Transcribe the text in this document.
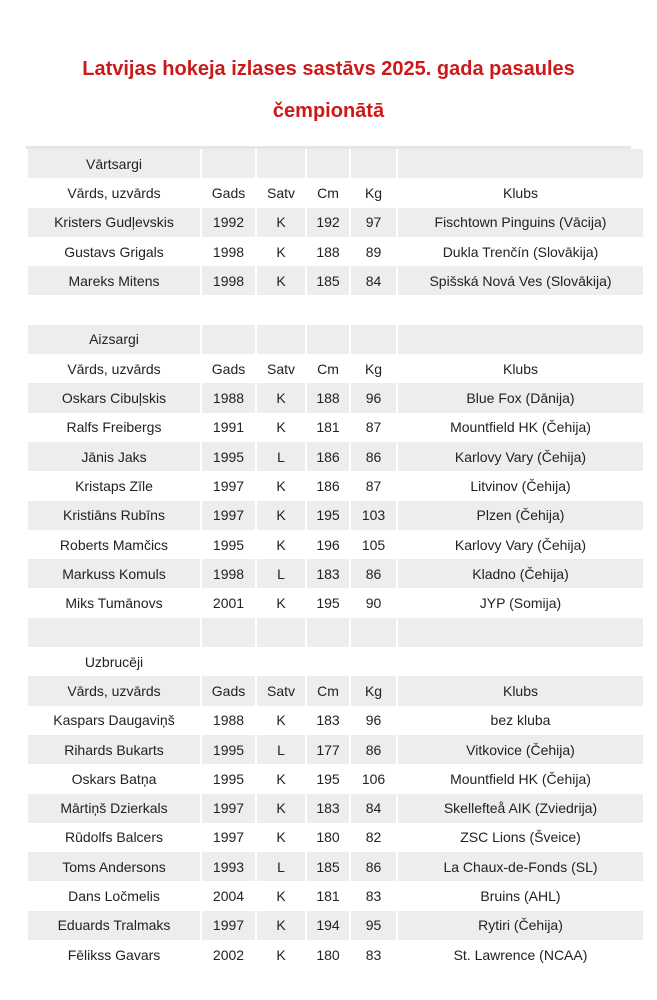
Latvijas hokeja izlases sastāvs 2025. gada pasaules
čempionātā
Vārtsargi					
Vārds, uzvārds	Gads	Satv	Cm	Kg	Klubs
Kristers Gudļevskis	1992	K	192	97	Fischtown Pinguins (Vācija)
Gustavs Grigals	1998	K	188	89	Dukla Trenčín (Slovākija)
Mareks Mitens	1998	K	185	84	Spišská Nová Ves (Slovākija)

Aizsargi					
Vārds, uzvārds	Gads	Satv	Cm	Kg	Klubs
Oskars Cibuļskis	1988	K	188	96	Blue Fox (Dānija)
Ralfs Freibergs	1991	K	181	87	Mountfield HK (Čehija)
Jānis Jaks	1995	L	186	86	Karlovy Vary (Čehija)
Kristaps Zīle	1997	K	186	87	Litvinov (Čehija)
Kristiāns Rubīns	1997	K	195	103	Plzen (Čehija)
Roberts Mamčics	1995	K	196	105	Karlovy Vary (Čehija)
Markuss Komuls	1998	L	183	86	Kladno (Čehija)
Miks Tumānovs	2001	K	195	90	JYP (Somija)

Uzbrucēji					
Vārds, uzvārds	Gads	Satv	Cm	Kg	Klubs
Kaspars Daugaviņš	1988	K	183	96	bez kluba
Rihards Bukarts	1995	L	177	86	Vitkovice (Čehija)
Oskars Batņa	1995	K	195	106	Mountfield HK (Čehija)
Mārtiņš Dzierkals	1997	K	183	84	Skellefteå AIK (Zviedrija)
Rūdolfs Balcers	1997	K	180	82	ZSC Lions (Šveice)
Toms Andersons	1993	L	185	86	La Chaux-de-Fonds (SL)
Dans Ločmelis	2004	K	181	83	Bruins (AHL)
Eduards Tralmaks	1997	K	194	95	Rytiri (Čehija)
Fēlikss Gavars	2002	K	180	83	St. Lawrence (NCAA)
